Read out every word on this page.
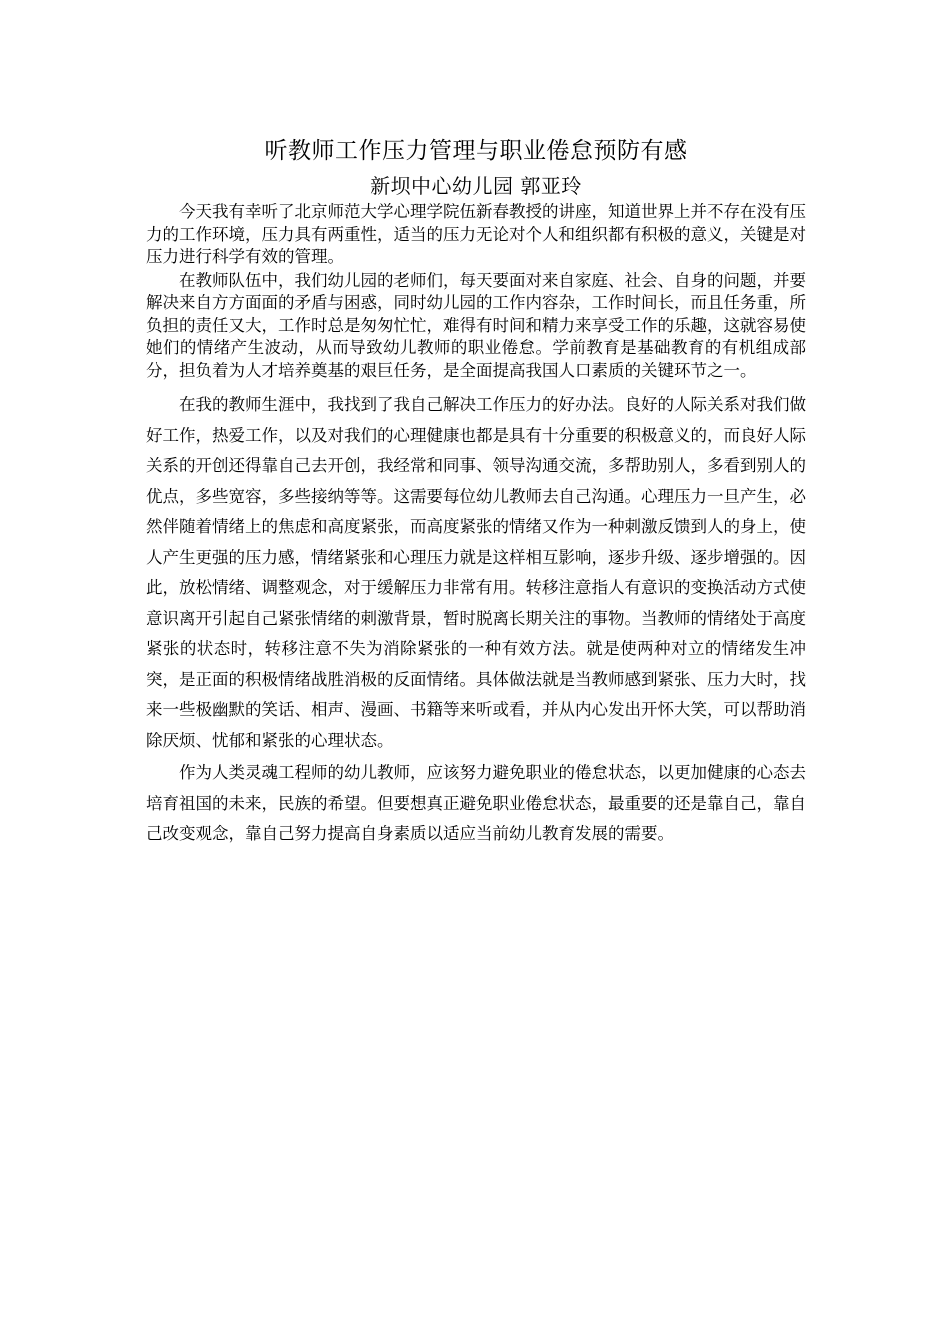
听教师工作压力管理与职业倦怠预防有感

新坝中心幼儿园 郭亚玲

今天我有幸听了北京师范大学心理学院伍新春教授的讲座，知道世界上并不存在没有压力的工作环境，压力具有两重性，适当的压力无论对个人和组织都有积极的意义，关键是对压力进行科学有效的管理。

在教师队伍中，我们幼儿园的老师们，每天要面对来自家庭、社会、自身的问题，并要解决来自方方面面的矛盾与困惑，同时幼儿园的工作内容杂，工作时间长，而且任务重，所负担的责任又大，工作时总是匆匆忙忙，难得有时间和精力来享受工作的乐趣，这就容易使她们的情绪产生波动，从而导致幼儿教师的职业倦怠。学前教育是基础教育的有机组成部分，担负着为人才培养奠基的艰巨任务，是全面提高我国人口素质的关键环节之一。

在我的教师生涯中，我找到了我自己解决工作压力的好办法。良好的人际关系对我们做好工作，热爱工作，以及对我们的心理健康也都是具有十分重要的积极意义的，而良好人际关系的开创还得靠自己去开创，我经常和同事、领导沟通交流，多帮助别人，多看到别人的优点，多些宽容，多些接纳等等。这需要每位幼儿教师去自己沟通。心理压力一旦产生，必然伴随着情绪上的焦虑和高度紧张，而高度紧张的情绪又作为一种刺激反馈到人的身上，使人产生更强的压力感，情绪紧张和心理压力就是这样相互影响，逐步升级、逐步增强的。因此，放松情绪、调整观念，对于缓解压力非常有用。转移注意指人有意识的变换活动方式使意识离开引起自己紧张情绪的刺激背景，暂时脱离长期关注的事物。当教师的情绪处于高度紧张的状态时，转移注意不失为消除紧张的一种有效方法。就是使两种对立的情绪发生冲突，是正面的积极情绪战胜消极的反面情绪。具体做法就是当教师感到紧张、压力大时，找来一些极幽默的笑话、相声、漫画、书籍等来听或看，并从内心发出开怀大笑，可以帮助消除厌烦、忧郁和紧张的心理状态。

作为人类灵魂工程师的幼儿教师，应该努力避免职业的倦怠状态，以更加健康的心态去培育祖国的未来，民族的希望。但要想真正避免职业倦怠状态，最重要的还是靠自己，靠自己改变观念，靠自己努力提高自身素质以适应当前幼儿教育发展的需要。
